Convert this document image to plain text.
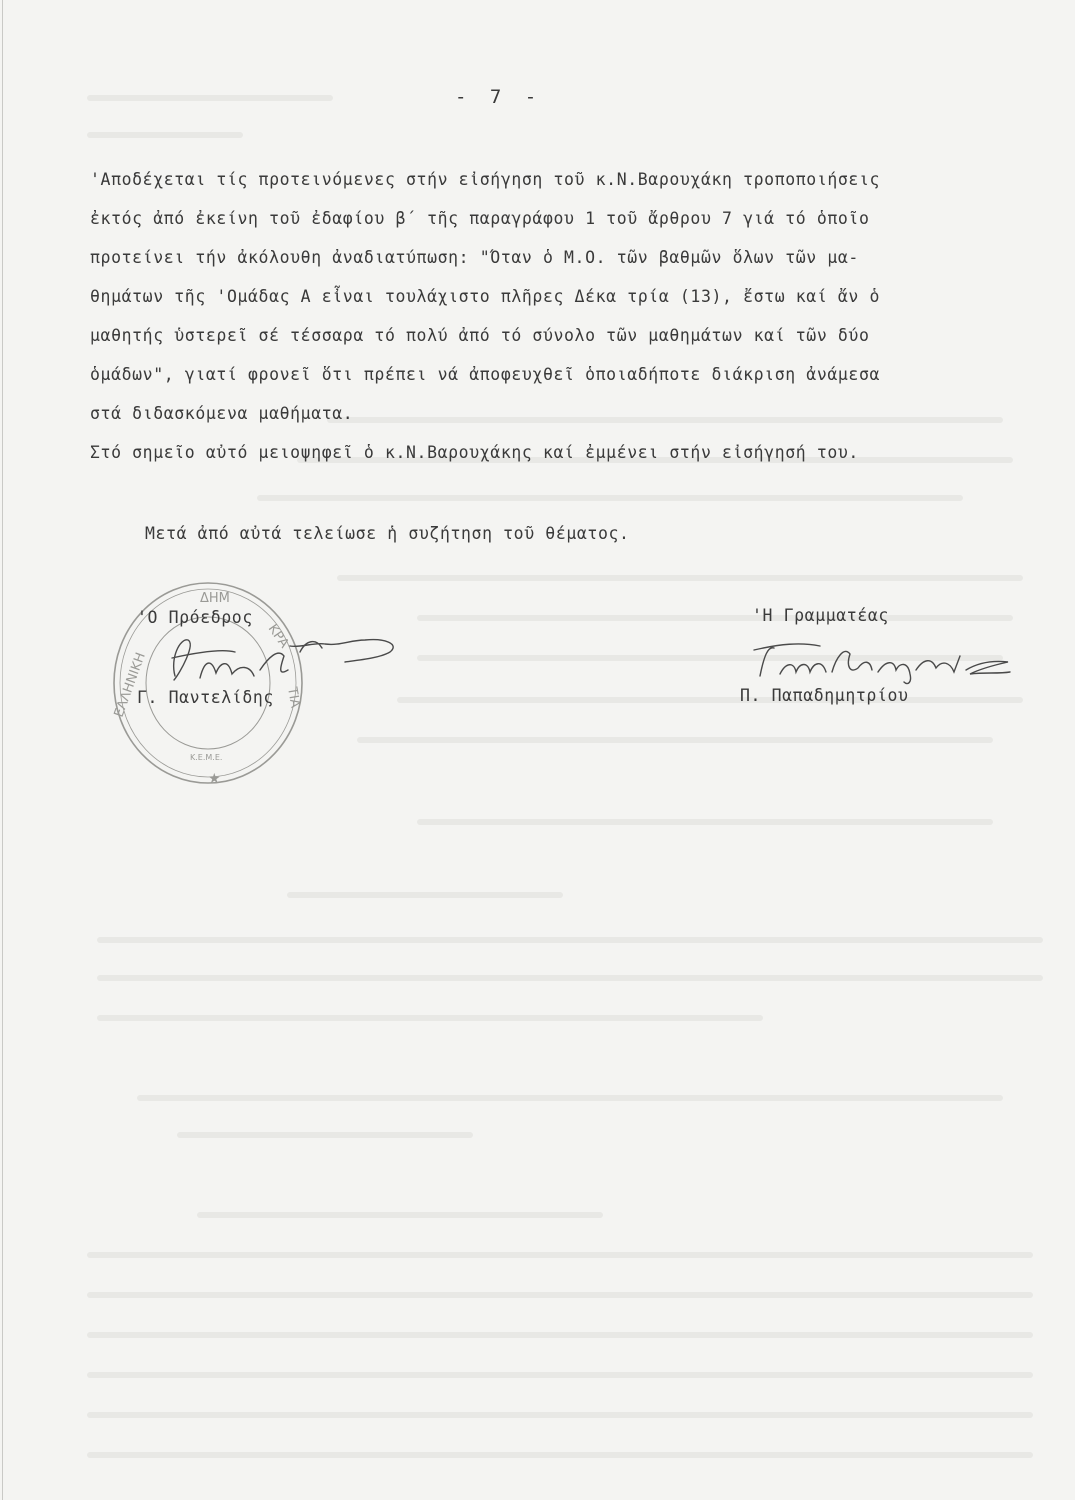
- 7 -
'Αποδέχεται τίς προτεινόμενες στήν εἰσήγηση τοῦ κ.Ν.Βαρουχάκη τροποποιήσεις
ἐκτός ἀπό ἐκείνη τοῦ ἐδαφίου β΄ τῆς παραγράφου 1 τοῦ ἄρθρου 7 γιά τό ὁποῖο
προτείνει τήν ἀκόλουθη ἀναδιατύπωση: "Όταν ὁ Μ.Ο. τῶν βαθμῶν ὅλων τῶν μα-
θημάτων τῆς 'Ομάδας Α εἶναι τουλάχιστο πλῆρες Δέκα τρία (13), ἔστω καί ἄν ὁ
μαθητής ὑστερεῖ σέ τέσσαρα τό πολύ ἀπό τό σύνολο τῶν μαθημάτων καί τῶν δύο
ὁμάδων", γιατί φρονεῖ ὅτι πρέπει νά ἀποφευχθεῖ ὁποιαδήποτε διάκριση ἀνάμεσα
στά διδασκόμενα μαθήματα.
Στό σημεῖο αὐτό μειοψηφεῖ ὁ κ.Ν.Βαρουχάκης καί ἐμμένει στήν εἰσήγησή του.
Μετά ἀπό αὐτά τελείωσε ἡ συζήτηση τοῦ θέματος.
ΕΛΛΗΝΙΚΗ
ΔΗΜ
ΚΡΑ
ΤΙΑ
K.E.M.E.
★
'Ο Πρόεδρος
Γ. Παντελίδης
'Η Γραμματέας
Π. Παπαδημητρίου
